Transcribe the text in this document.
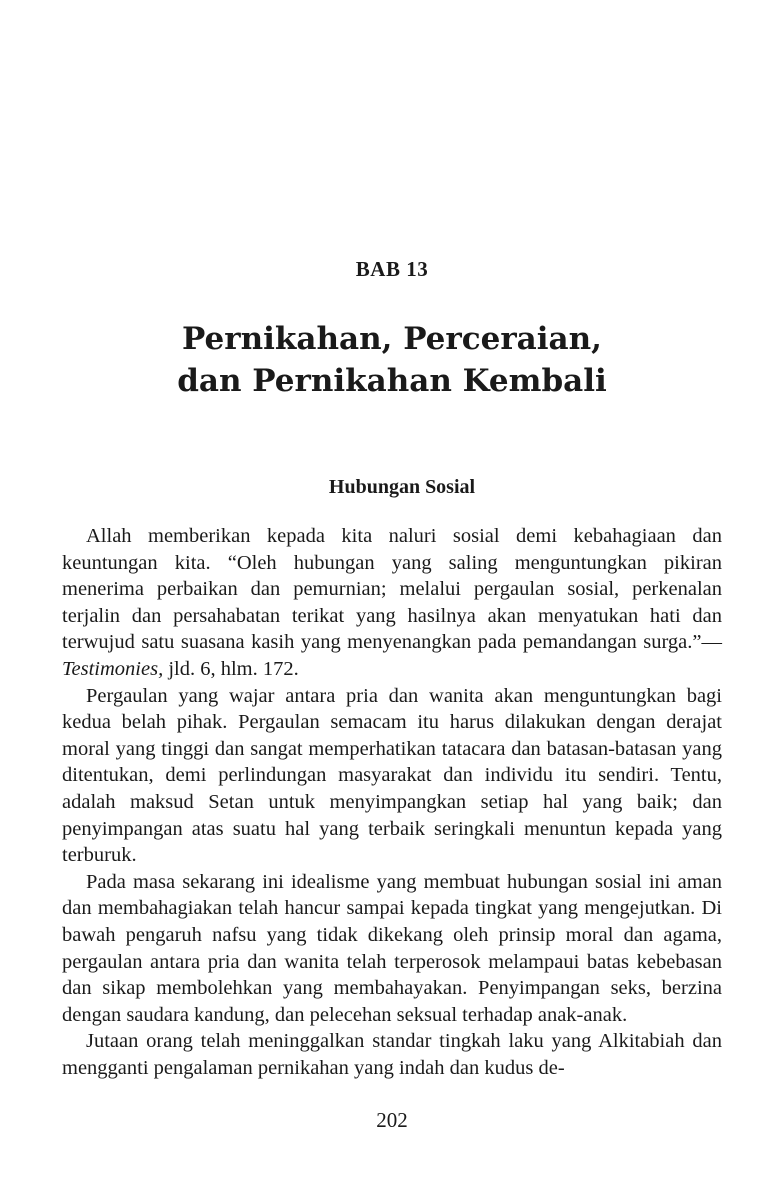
BAB 13
Pernikahan, Perceraian,
dan Pernikahan Kembali
Hubungan Sosial

Allah memberikan kepada kita naluri sosial demi kebahagiaan dan keuntungan kita. “Oleh hubungan yang saling menguntungkan pikiran menerima perbaikan dan pemurnian; melalui pergaulan sosial, perkenalan terjalin dan persahabatan terikat yang hasilnya akan menyatukan hati dan terwujud satu suasana kasih yang menyenangkan pada pemandangan surga.”—Testimonies, jld. 6, hlm. 172.

Pergaulan yang wajar antara pria dan wanita akan menguntungkan bagi kedua belah pihak. Pergaulan semacam itu harus dilakukan dengan derajat moral yang tinggi dan sangat memperhatikan tatacara dan batasan-batasan yang ditentukan, demi perlindungan masyarakat dan individu itu sendiri. Tentu, adalah maksud Setan untuk menyimpangkan setiap hal yang baik; dan penyimpangan atas suatu hal yang terbaik seringkali menuntun kepada yang terburuk.

Pada masa sekarang ini idealisme yang membuat hubungan sosial ini aman dan membahagiakan telah hancur sampai kepada tingkat yang mengejutkan. Di bawah pengaruh nafsu yang tidak dikekang oleh prinsip moral dan agama, pergaulan antara pria dan wanita telah terperosok melampaui batas kebebasan dan sikap membolehkan yang membahayakan. Penyimpangan seks, berzina dengan saudara kandung, dan pelecehan seksual terhadap anak-anak.

Jutaan orang telah meninggalkan standar tingkah laku yang Alkitabiah dan mengganti pengalaman pernikahan yang indah dan kudus de-

202
